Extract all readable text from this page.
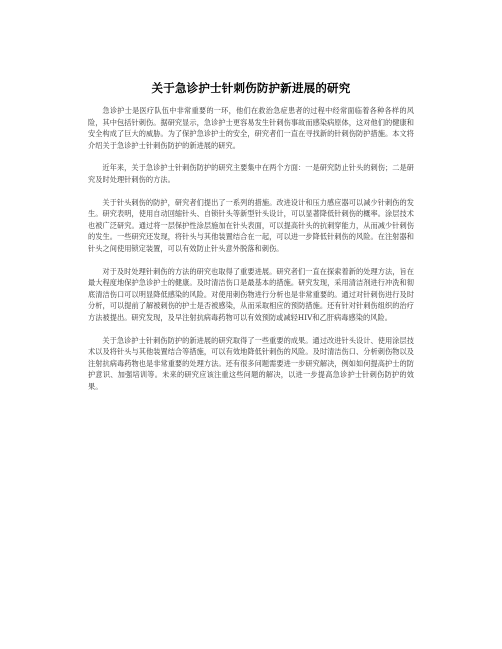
关于急诊护士针刺伤防护新进展的研究

急诊护士是医疗队伍中非常重要的一环，他们在救治急症患者的过程中经常面临着各种各样的风险，其中包括针刺伤。据研究显示，急诊护士更容易发生针刺伤事故而感染病原体，这对他们的健康和安全构成了巨大的威胁。为了保护急诊护士的安全，研究者们一直在寻找新的针刺伤防护措施。本文将介绍关于急诊护士针刺伤防护的新进展的研究。

近年来，关于急诊护士针刺伤防护的研究主要集中在两个方面：一是研究防止针头的刺伤；二是研究及时处理针刺伤的方法。

关于针头刺伤的防护，研究者们提出了一系列的措施。改进设计和压力感应器可以减少针刺伤的发生。研究表明，使用自动回缩针头、自锁针头等新型针头设计，可以显著降低针刺伤的概率。涂层技术也被广泛研究。通过将一层保护性涂层施加在针头表面，可以提高针头的抗刺穿能力，从而减少针刺伤的发生。一些研究还发现，将针头与其他装置结合在一起，可以进一步降低针刺伤的风险。在注射器和针头之间使用锁定装置，可以有效防止针头意外脱落和刺伤。

对于及时处理针刺伤的方法的研究也取得了重要进展。研究者们一直在探索着新的处理方法，旨在最大程度地保护急诊护士的健康。及时清洁伤口是最基本的措施。研究发现，采用清洁剂进行冲洗和彻底清洁伤口可以明显降低感染的风险。对使用刺伤物进行分析也是非常重要的。通过对针刺伤进行及时分析，可以提前了解被刺伤的护士是否被感染，从而采取相应的预防措施。还有针对针刺伤组织的治疗方法被提出。研究发现，及早注射抗病毒药物可以有效预防或减轻HIV和乙肝病毒感染的风险。

关于急诊护士针刺伤防护的新进展的研究取得了一些重要的成果。通过改进针头设计、使用涂层技术以及将针头与其他装置结合等措施，可以有效地降低针刺伤的风险。及时清洁伤口、分析刺伤物以及注射抗病毒药物也是非常重要的处理方法。还有很多问题需要进一步研究解决，例如如何提高护士的防护意识、加强培训等。未来的研究应该注重这些问题的解决，以进一步提高急诊护士针刺伤防护的效果。
